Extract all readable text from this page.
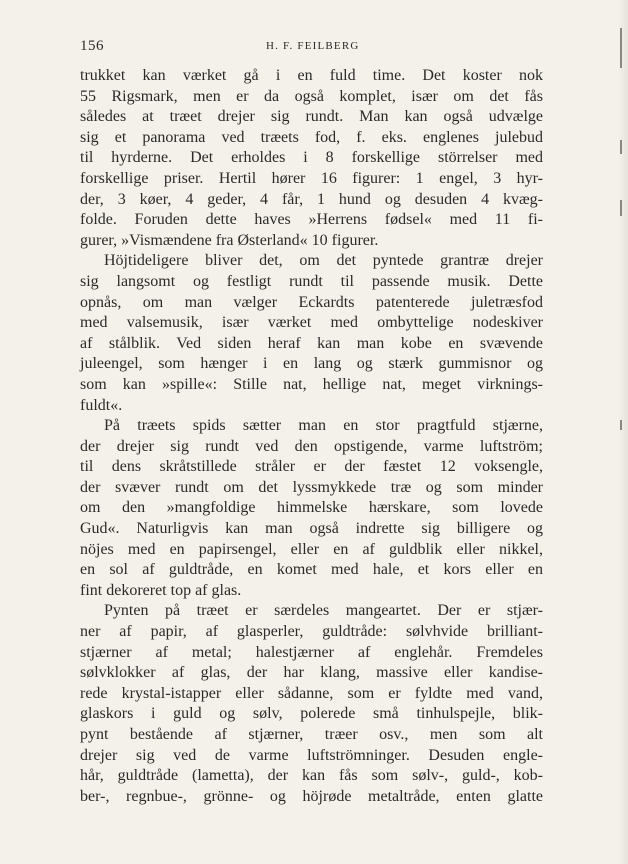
156	H. F. FEILBERG
trukket kan værket gå i en fuld time. Det koster nok
55 Rigsmark, men er da også komplet, især om det fås
således at træet drejer sig rundt. Man kan også udvælge
sig et panorama ved træets fod, f. eks. englenes julebud
til hyrderne. Det erholdes i 8 forskellige störrelser med
forskellige priser. Hertil hører 16 figurer: 1 engel, 3 hyr-
der, 3 køer, 4 geder, 4 får, 1 hund og desuden 4 kvæg-
folde. Foruden dette haves »Herrens fødsel« med 11 fi-
gurer, »Vismændene fra Østerland« 10 figurer.
Höjtideligere bliver det, om det pyntede grantræ drejer
sig langsomt og festligt rundt til passende musik. Dette
opnås, om man vælger Eckardts patenterede juletræsfod
med valsemusik, især værket med ombyttelige nodeskiver
af stålblik. Ved siden heraf kan man kobe en svævende
juleengel, som hænger i en lang og stærk gummisnor og
som kan »spille«: Stille nat, hellige nat, meget virknings-
fuldt«.
På træets spids sætter man en stor pragtfuld stjærne,
der drejer sig rundt ved den opstigende, varme luftström;
til dens skråtstillede stråler er der fæstet 12 voksengle,
der svæver rundt om det lyssmykkede træ og som minder
om den »mangfoldige himmelske hærskare, som lovede
Gud«. Naturligvis kan man også indrette sig billigere og
nöjes med en papirsengel, eller en af guldblik eller nikkel,
en sol af guldtråde, en komet med hale, et kors eller en
fint dekoreret top af glas.
Pynten på træet er særdeles mangeartet. Der er stjær-
ner af papir, af glasperler, guldtråde: sølvhvide brilliant-
stjærner af metal; halestjærner af englehår. Fremdeles
sølvklokker af glas, der har klang, massive eller kandise-
rede krystal-istapper eller sådanne, som er fyldte med vand,
glaskors i guld og sølv, polerede små tinhulspejle, blik-
pynt bestående af stjærner, træer osv., men som alt
drejer sig ved de varme luftströmninger. Desuden engle-
hår, guldtråde (lametta), der kan fås som sølv-, guld-, kob-
ber-, regnbue-, grönne- og höjrøde metaltråde, enten glatte
